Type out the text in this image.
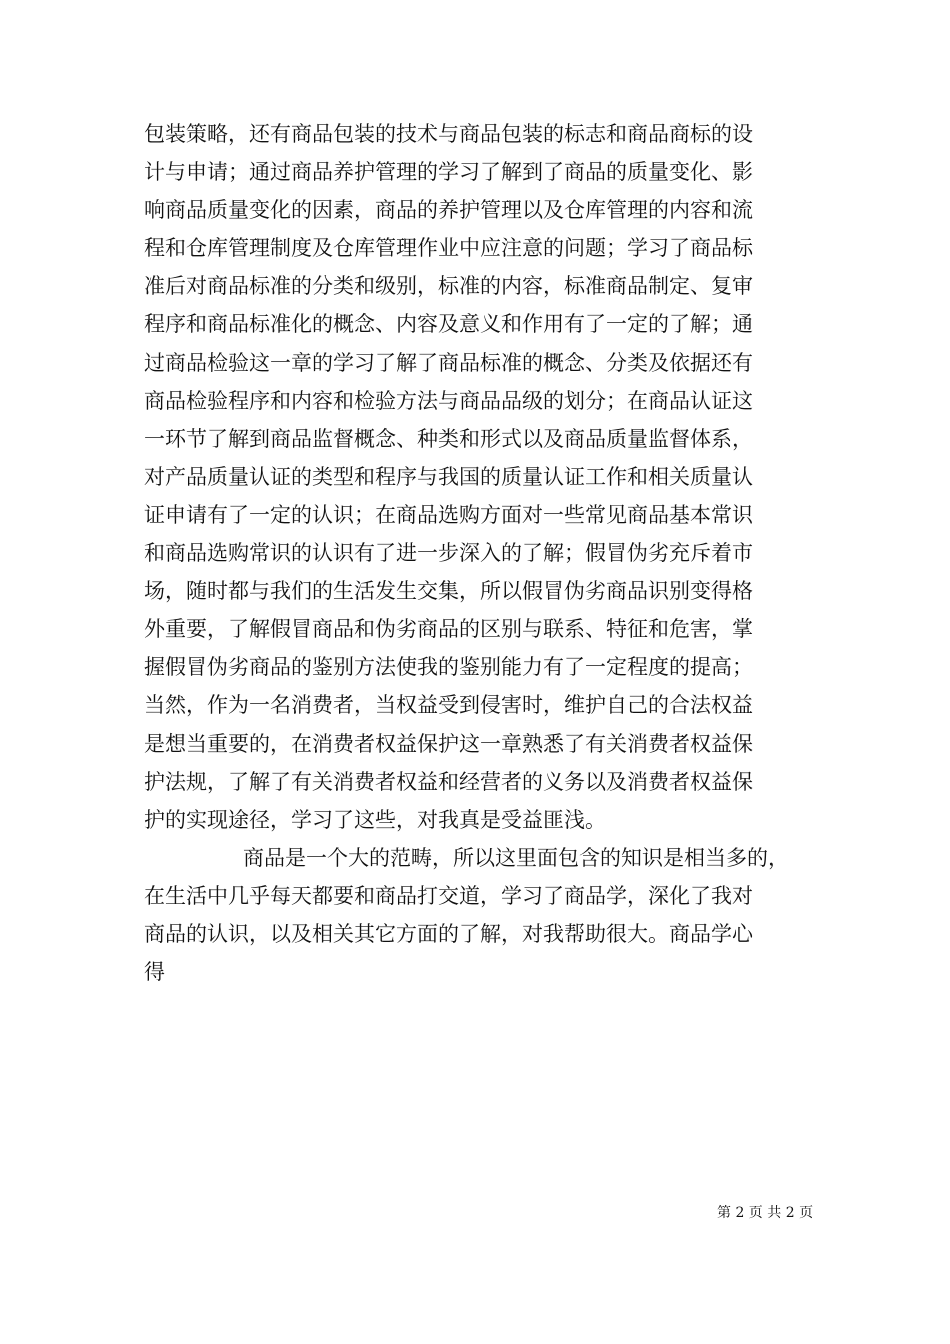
包装策略，还有商品包装的技术与商品包装的标志和商品商标的设
计与申请；通过商品养护管理的学习了解到了商品的质量变化、影
响商品质量变化的因素，商品的养护管理以及仓库管理的内容和流
程和仓库管理制度及仓库管理作业中应注意的问题；学习了商品标
准后对商品标准的分类和级别，标准的内容，标准商品制定、复审
程序和商品标准化的概念、内容及意义和作用有了一定的了解；通
过商品检验这一章的学习了解了商品标准的概念、分类及依据还有
商品检验程序和内容和检验方法与商品品级的划分；在商品认证这
一环节了解到商品监督概念、种类和形式以及商品质量监督体系，
对产品质量认证的类型和程序与我国的质量认证工作和相关质量认
证申请有了一定的认识；在商品选购方面对一些常见商品基本常识
和商品选购常识的认识有了进一步深入的了解；假冒伪劣充斥着市
场，随时都与我们的生活发生交集，所以假冒伪劣商品识别变得格
外重要，了解假冒商品和伪劣商品的区别与联系、特征和危害，掌
握假冒伪劣商品的鉴别方法使我的鉴别能力有了一定程度的提高；
当然，作为一名消费者，当权益受到侵害时，维护自己的合法权益
是想当重要的，在消费者权益保护这一章熟悉了有关消费者权益保
护法规，了解了有关消费者权益和经营者的义务以及消费者权益保
护的实现途径，学习了这些，对我真是受益匪浅。
商品是一个大的范畴，所以这里面包含的知识是相当多的，
在生活中几乎每天都要和商品打交道，学习了商品学，深化了我对
商品的认识，以及相关其它方面的了解，对我帮助很大。商品学心
得
第 2 页 共 2 页
